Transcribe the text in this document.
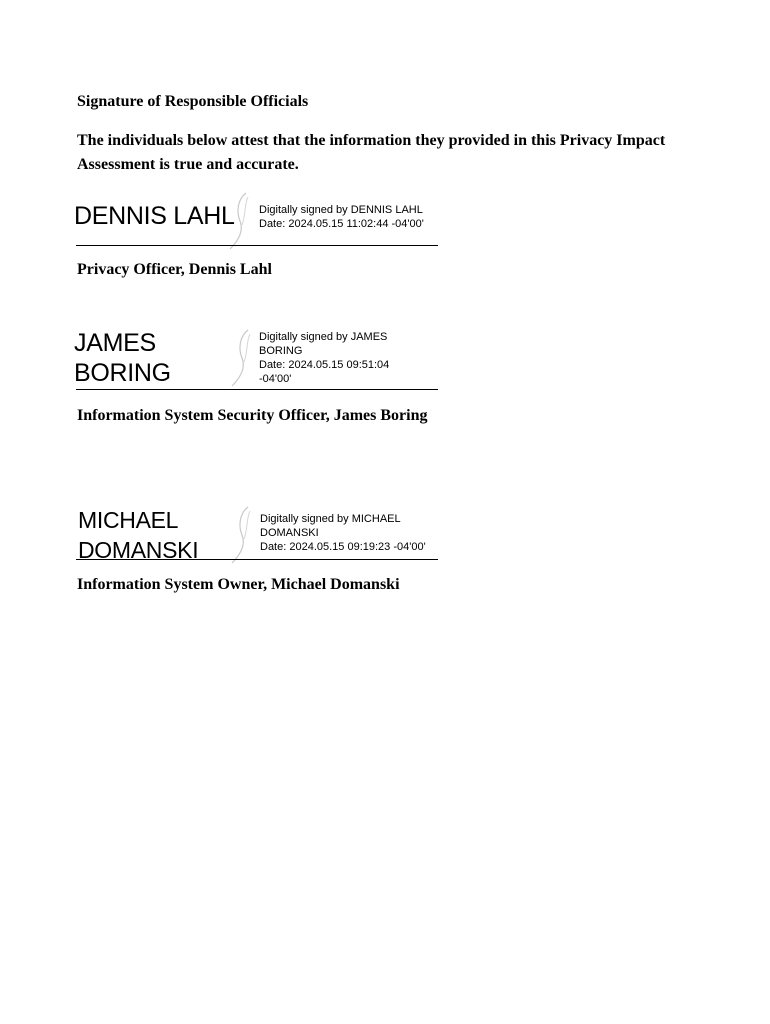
Signature of Responsible Officials

The individuals below attest that the information they provided in this Privacy Impact Assessment is true and accurate.

DENNIS LAHL Digitally signed by DENNIS LAHL
Date: 2024.05.15 11:02:44 -04'00'

Privacy Officer, Dennis Lahl

JAMES
BORING
Digitally signed by JAMES
BORING
Date: 2024.05.15 09:51:04
-04'00'

Information System Security Officer, James Boring

MICHAEL
DOMANSKI
Digitally signed by MICHAEL
DOMANSKI
Date: 2024.05.15 09:19:23 -04'00'

Information System Owner, Michael Domanski
